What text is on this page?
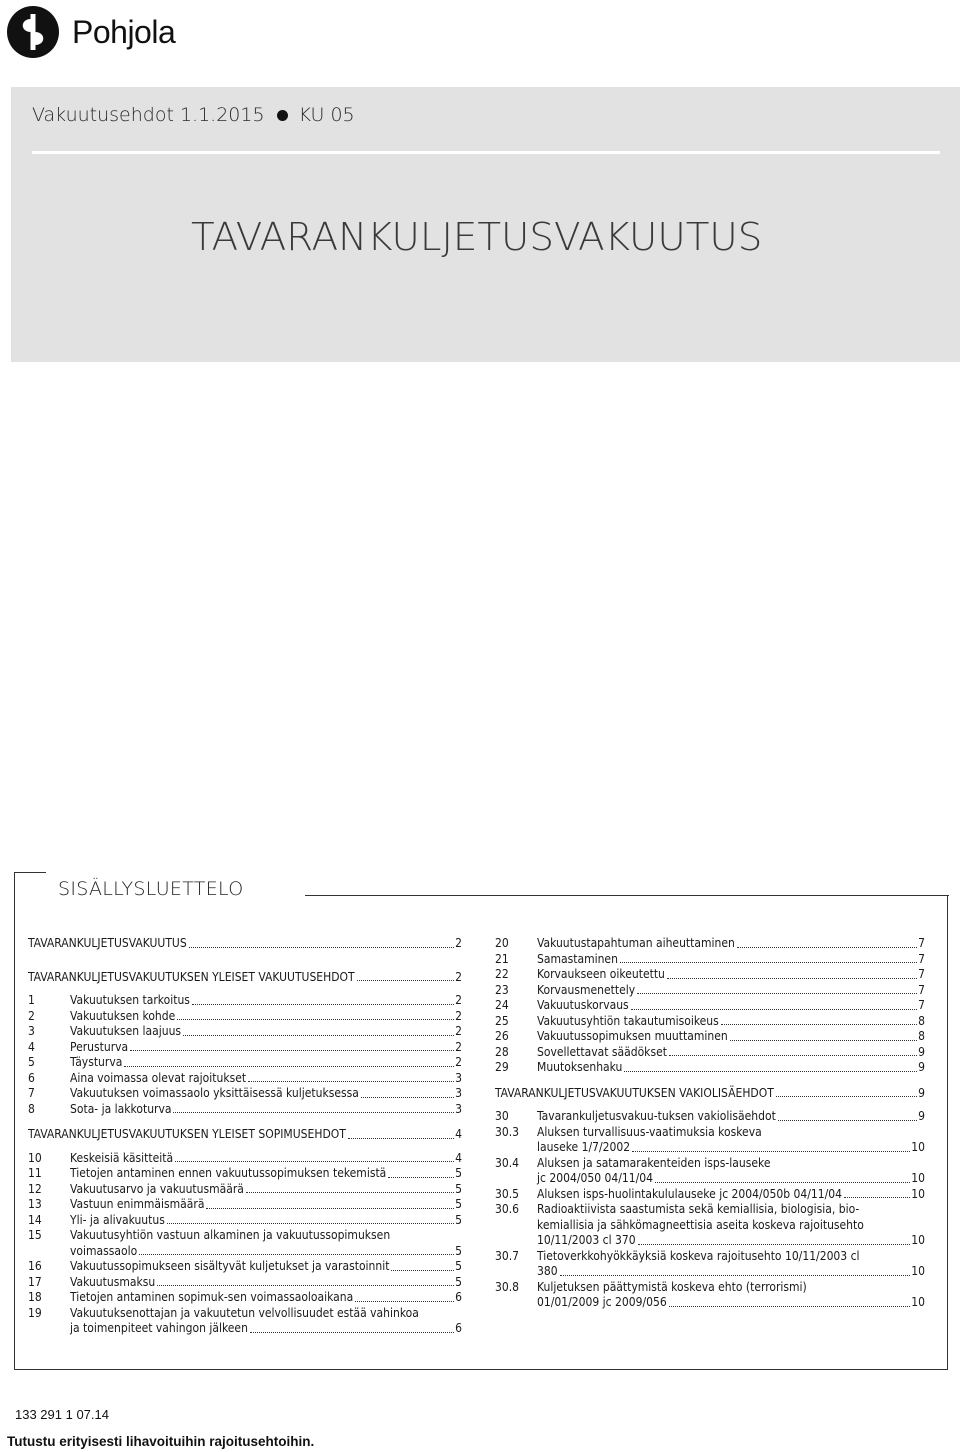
Pohjola
Vakuutusehdot 1.1.2015 KU 05
TAVARANKULJETUSVAKUUTUS
SISÄLLYSLUETTELO
TAVARANKULJETUSVAKUUTUS	2
TAVARANKULJETUSVAKUUTUKSEN YLEISET VAKUUTUSEHDOT	2
1	Vakuutuksen tarkoitus	2
2	Vakuutuksen kohde	2
3	Vakuutuksen laajuus	2
4	Perusturva	2
5	Täysturva	2
6	Aina voimassa olevat rajoitukset	3
7	Vakuutuksen voimassaolo yksittäisessä kuljetuksessa	3
8	Sota- ja lakkoturva	3
TAVARANKULJETUSVAKUUTUKSEN YLEISET SOPIMUSEHDOT	4
10	Keskeisiä käsitteitä	4
11	Tietojen antaminen ennen vakuutussopimuksen tekemistä	5
12	Vakuutusarvo ja vakuutusmäärä	5
13	Vastuun enimmäismäärä	5
14	Yli- ja alivakuutus	5
15	Vakuutusyhtiön vastuun alkaminen ja vakuutussopimuksen
voimassaolo	5
16	Vakuutussopimukseen sisältyvät kuljetukset ja varastoinnit	5
17	Vakuutusmaksu	5
18	Tietojen antaminen sopimuk-sen voimassaoloaikana	6
19	Vakuutuksenottajan ja vakuutetun velvollisuudet estää vahinkoa
ja toimenpiteet vahingon jälkeen	6
20	Vakuutustapahtuman aiheuttaminen	7
21	Samastaminen	7
22	Korvaukseen oikeutettu	7
23	Korvausmenettely	7
24	Vakuutuskorvaus	7
25	Vakuutusyhtiön takautumisoikeus	8
26	Vakuutussopimuksen muuttaminen	8
28	Sovellettavat säädökset	9
29	Muutoksenhaku	9
TAVARANKULJETUSVAKUUTUKSEN VAKIOLISÄEHDOT	9
30	Tavarankuljetusvakuu-tuksen vakiolisäehdot	9
30.3	Aluksen turvallisuus-vaatimuksia koskeva
lauseke 1/7/2002	10
30.4	Aluksen ja satamarakenteiden isps-lauseke
jc 2004/050 04/11/04	10
30.5	Aluksen isps-huolintakululauseke jc 2004/050b 04/11/04	10
30.6	Radioaktiivista saastumista sekä kemiallisia, biologisia, bio-
kemiallisia ja sähkömagneettisia aseita koskeva rajoitusehto
10/11/2003 cl 370	10
30.7	Tietoverkkohyökkäyksiä koskeva rajoitusehto 10/11/2003 cl
380	10
30.8	Kuljetuksen päättymistä koskeva ehto (terrorismi)
01/01/2009 jc 2009/056	10
133 291 1 07.14
Tutustu erityisesti lihavoituihin rajoitusehtoihin.
